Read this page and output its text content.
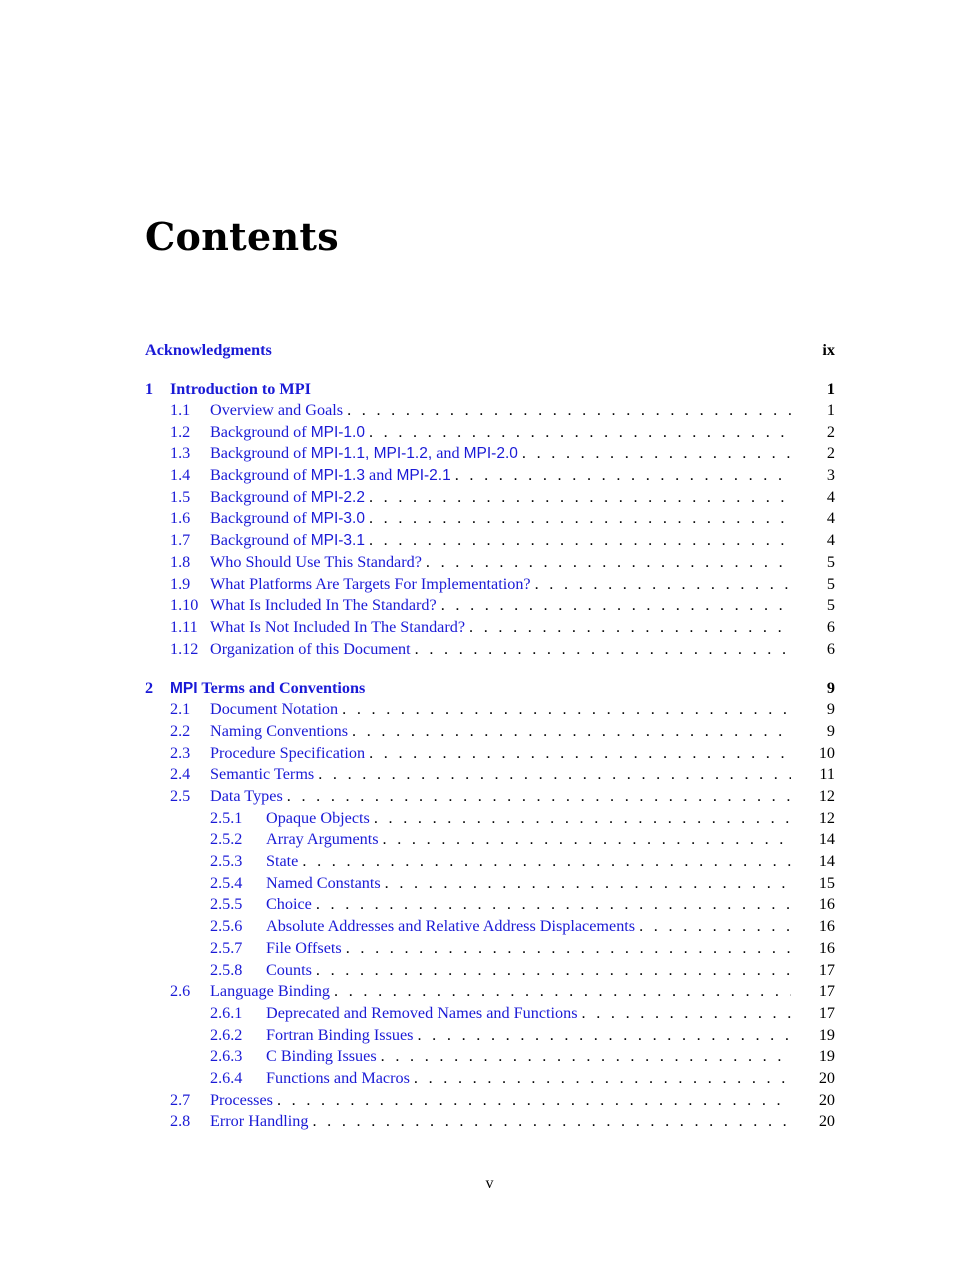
Contents
Acknowledgments	ix
1	Introduction to MPI	1
1.1	Overview and Goals . . .	1
1.2	Background of MPI-1.0 . . .	2
1.3	Background of MPI-1.1, MPI-1.2, and MPI-2.0 . . .	2
1.4	Background of MPI-1.3 and MPI-2.1 . . .	3
1.5	Background of MPI-2.2 . . .	4
1.6	Background of MPI-3.0 . . .	4
1.7	Background of MPI-3.1 . . .	4
1.8	Who Should Use This Standard? . . .	5
1.9	What Platforms Are Targets For Implementation? . . .	5
1.10 What Is Included In The Standard? . . .	5
1.11 What Is Not Included In The Standard? . . .	6
1.12 Organization of this Document . . .	6
2	MPI Terms and Conventions	9
2.1	Document Notation . . .	9
2.2	Naming Conventions . . .	9
2.3	Procedure Specification . . .	10
2.4	Semantic Terms . . .	11
2.5	Data Types . . .	12
2.5.1	Opaque Objects . . .	12
2.5.2	Array Arguments . . .	14
2.5.3	State . . .	14
2.5.4	Named Constants . . .	15
2.5.5	Choice . . .	16
2.5.6	Absolute Addresses and Relative Address Displacements . . .	16
2.5.7	File Offsets . . .	16
2.5.8	Counts . . .	17
2.6	Language Binding . . .	17
2.6.1	Deprecated and Removed Names and Functions . . .	17
2.6.2	Fortran Binding Issues . . .	19
2.6.3	C Binding Issues . . .	19
2.6.4	Functions and Macros . . .	20
2.7	Processes . . .	20
2.8	Error Handling . . .	20
v
